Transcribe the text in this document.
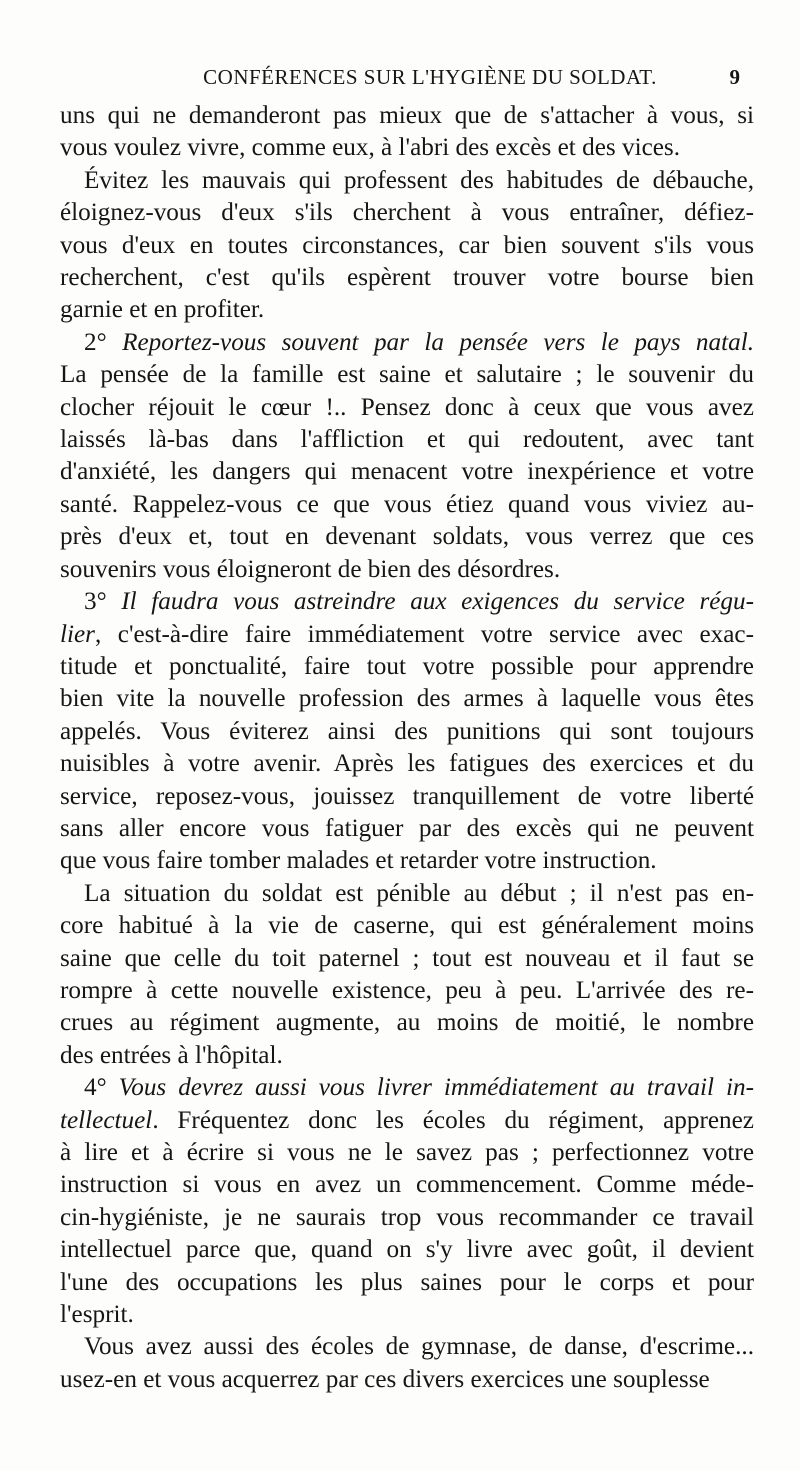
CONFÉRENCES SUR L'HYGIÈNE DU SOLDAT.	9

uns qui ne demanderont pas mieux que de s'attacher à vous, si
vous voulez vivre, comme eux, à l'abri des excès et des vices.

Évitez les mauvais qui professent des habitudes de débauche,
éloignez-vous d'eux s'ils cherchent à vous entraîner, défiez-
vous d'eux en toutes circonstances, car bien souvent s'ils vous
recherchent, c'est qu'ils espèrent trouver votre bourse bien
garnie et en profiter.

2° Reportez-vous souvent par la pensée vers le pays natal.
La pensée de la famille est saine et salutaire ; le souvenir du
clocher réjouit le cœur !.. Pensez donc à ceux que vous avez
laissés là-bas dans l'affliction et qui redoutent, avec tant
d'anxiété, les dangers qui menacent votre inexpérience et votre
santé. Rappelez-vous ce que vous étiez quand vous viviez au-
près d'eux et, tout en devenant soldats, vous verrez que ces
souvenirs vous éloigneront de bien des désordres.

3° Il faudra vous astreindre aux exigences du service régu-
lier, c'est-à-dire faire immédiatement votre service avec exac-
titude et ponctualité, faire tout votre possible pour apprendre
bien vite la nouvelle profession des armes à laquelle vous êtes
appelés. Vous éviterez ainsi des punitions qui sont toujours
nuisibles à votre avenir. Après les fatigues des exercices et du
service, reposez-vous, jouissez tranquillement de votre liberté
sans aller encore vous fatiguer par des excès qui ne peuvent
que vous faire tomber malades et retarder votre instruction.

La situation du soldat est pénible au début ; il n'est pas en-
core habitué à la vie de caserne, qui est généralement moins
saine que celle du toit paternel ; tout est nouveau et il faut se
rompre à cette nouvelle existence, peu à peu. L'arrivée des re-
crues au régiment augmente, au moins de moitié, le nombre
des entrées à l'hôpital.

4° Vous devrez aussi vous livrer immédiatement au travail in-
tellectuel. Fréquentez donc les écoles du régiment, apprenez
à lire et à écrire si vous ne le savez pas ; perfectionnez votre
instruction si vous en avez un commencement. Comme méde-
cin-hygiéniste, je ne saurais trop vous recommander ce travail
intellectuel parce que, quand on s'y livre avec goût, il devient
l'une des occupations les plus saines pour le corps et pour
l'esprit.

Vous avez aussi des écoles de gymnase, de danse, d'escrime...
usez-en et vous acquerrez par ces divers exercices une souplesse
